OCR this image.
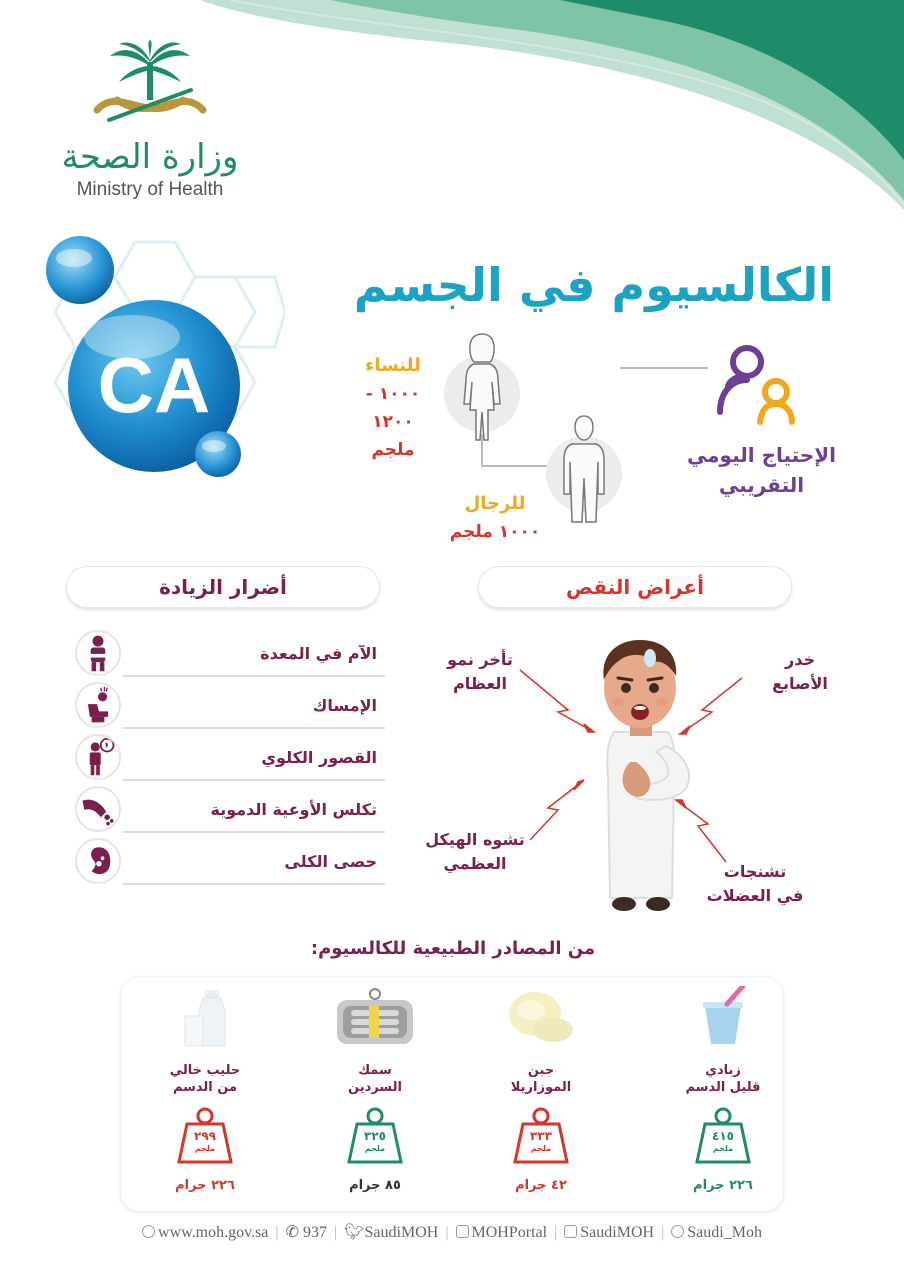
وزارة الصحة
Ministry of Health
CA
الكالسيوم في الجسم
الإحتياج اليومي
التقريبي
للنساء
١٠٠٠ - ١٢٠٠
ملجم
للرجال
١٠٠٠ ملجم
أضرار الزيادة	أعراض النقص
الآم في المعدة
الإمساك
القصور الكلوي
تكلس الأوعية الدموية
حصى الكلى
تأخر نمو
العظام
خدر
الأصابع
تشوه الهيكل
العظمي	تشنجات
في العضلات
من المصادر الطبيعية للكالسيوم:
زبادي
قليل الدسم
٤١٥
ملجم
٢٢٦ جرام
جبن
الموزاريلا
٣٣٣
ملجم
٤٢ جرام
سمك
السردين
٣٢٥
ملجم
٨٥ جرام
حليب خالي
من الدسم
٢٩٩
ملجم
٢٢٦ جرام
www.moh.gov.sa | ✆ 937 | 🐦︎SaudiMOH | MOHPortal | SaudiMOH | Saudi_Moh
